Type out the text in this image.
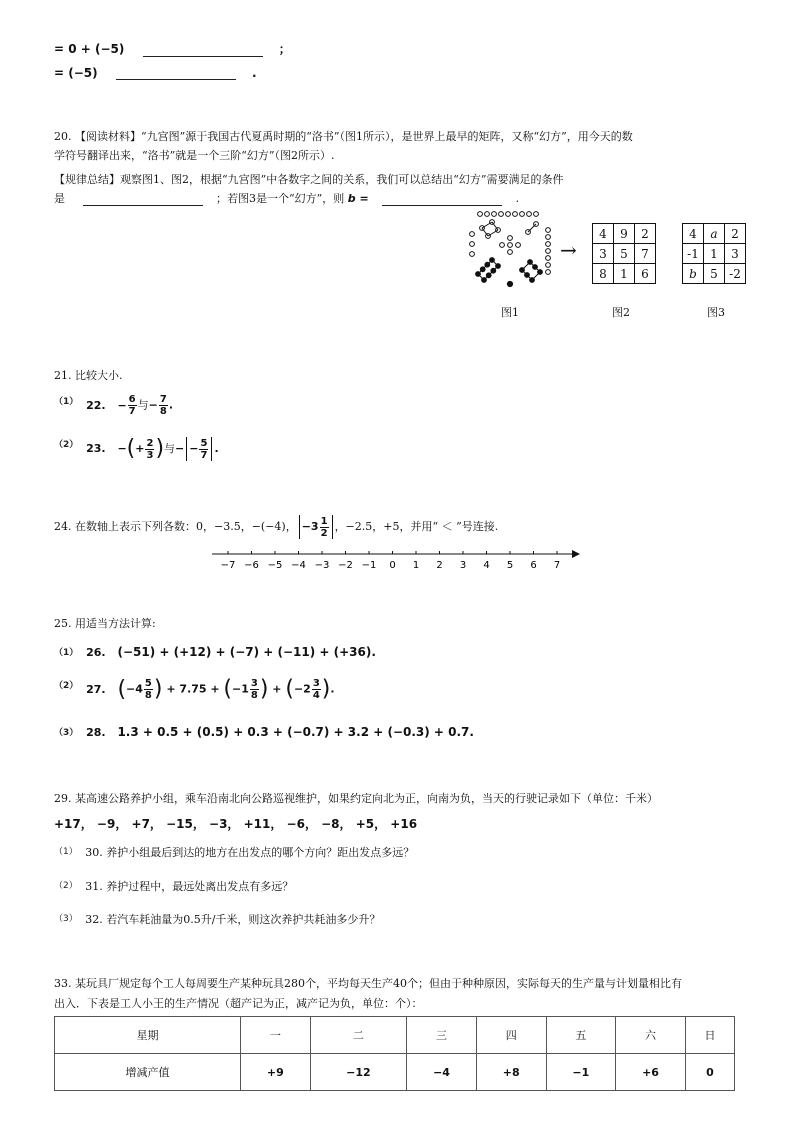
= 0 + (−5)	；
= (−5)	.
20. 【阅读材料】“九宫图”源于我国古代夏禹时期的“洛书”（图1所示），是世界上最早的矩阵，又称“幻方”，用今天的数
学符号翻译出来，“洛书”就是一个三阶“幻方”（图2所示）.
【规律总结】观察图1、图2，根据“九宫图”中各数字之间的关系，我们可以总结出“幻方”需要满足的条件
是	；若图3是一个“幻方”，则 b =	.
→
4	9	2
3	5	7
8	1	6
4	a	2
-1	1	3
b	5	-2
图1	图2	图3
21. 比较大小.
$^{(1)}$ 22. − $\frac{6}{7}$ 与− $\frac{7}{8}$ .
$^{(2)}$ 23. −(+ $\frac{2}{3}$ )与− − $\frac{5}{7}$ .
24. 在数轴上表示下列各数：0，−3.5，−(−4)， $-3 \frac{1}{2}$ ，−2.5，+5，并用“ ＜ ”号连接.
−7 −6 −5 −4 −3 −2 −1 0 1 2 3 4 5 6 7
25. 用适当方法计算:
$^{(1)}$ 26. (−51) + (+12) + (−7) + (−11) + (+36).
$^{(2)}$ 27. ($-4 \frac{5}{8}$ ) + $7.75 + (-1 \frac{3}{8}$ ) + ($-2 \frac{3}{4}$ ).
$^{(3)}$ 28. 1.3 + 0.5 + (0.5) + 0.3 + (−0.7) + 3.2 + (−0.3) + 0.7.
29. 某高速公路养护小组，乘车沿南北向公路巡视维护，如果约定向北为正，向南为负，当天的行驶记录如下（单位：千米）
+17， −9， +7， −15， −3， +11， −6， −8， +5， +16
$^{(1)}$ 30. 养护小组最后到达的地方在出发点的哪个方向？距出发点多远？
$^{(2)}$ 31. 养护过程中，最远处离出发点有多远？
$^{(3)}$ 32. 若汽车耗油量为0.5升/千米，则这次养护共耗油多少升？
33. 某玩具厂规定每个工人每周要生产某种玩具280个，平均每天生产40个；但由于种种原因，实际每天的生产量与计划量相比有
出入．下表是工人小王的生产情况（超产记为正，减产记为负，单位：个）：
星期	一	二	三	四	五	六	日
增减产值	+9	−12	−4	+8	−1	+6	0
